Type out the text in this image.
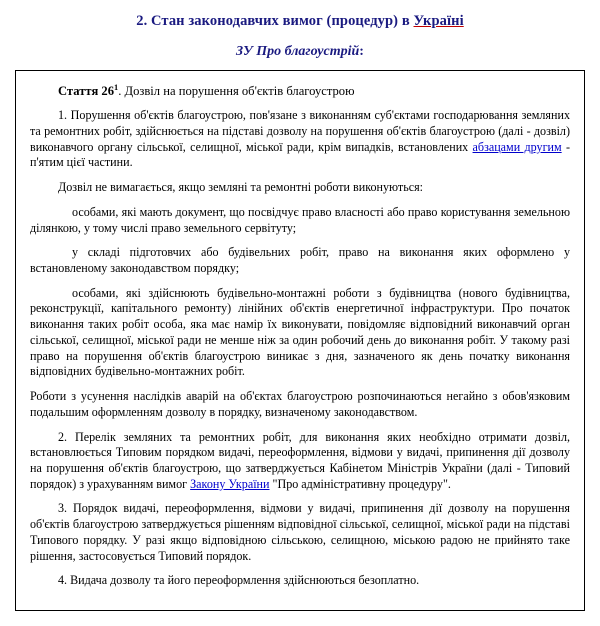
2. Стан законодавчих вимог (процедур) в Україні
ЗУ Про благоустрій:
Стаття $26^1$. Дозвіл на порушення об'єктів благоустрою

1. Порушення об'єктів благоустрою, пов'язане з виконанням суб'єктами господарювання земляних та ремонтних робіт, здійснюється на підставі дозволу на порушення об'єктів благоустрою (далі - дозвіл) виконавчого органу сільської, селищної, міської ради, крім випадків, встановлених абзацами другим - п'ятим цієї частини.

Дозвіл не вимагається, якщо земляні та ремонтні роботи виконуються:

особами, які мають документ, що посвідчує право власності або право користування земельною ділянкою, у тому числі право земельного сервітуту;

у складі підготовчих або будівельних робіт, право на виконання яких оформлено у встановленому законодавством порядку;

особами, які здійснюють будівельно-монтажні роботи з будівництва (нового будівництва, реконструкції, капітального ремонту) лінійних об'єктів енергетичної інфраструктури. Про початок виконання таких робіт особа, яка має намір їх виконувати, повідомляє відповідний виконавчий орган сільської, селищної, міської ради не менше ніж за один робочий день до виконання робіт. У такому разі право на порушення об'єктів благоустрою виникає з дня, зазначеного як день початку виконання відповідних будівельно-монтажних робіт.

Роботи з усунення наслідків аварій на об'єктах благоустрою розпочинаються негайно з обов'язковим подальшим оформленням дозволу в порядку, визначеному законодавством.

2. Перелік земляних та ремонтних робіт, для виконання яких необхідно отримати дозвіл, встановлюється Типовим порядком видачі, переоформлення, відмови у видачі, припинення дії дозволу на порушення об'єктів благоустрою, що затверджується Кабінетом Міністрів України (далі - Типовий порядок) з урахуванням вимог Закону України "Про адміністративну процедуру".

3. Порядок видачі, переоформлення, відмови у видачі, припинення дії дозволу на порушення об'єктів благоустрою затверджується рішенням відповідної сільської, селищної, міської ради на підставі Типового порядку. У разі якщо відповідною сільською, селищною, міською радою не прийнято таке рішення, застосовується Типовий порядок.

4. Видача дозволу та його переоформлення здійснюються безоплатно.
